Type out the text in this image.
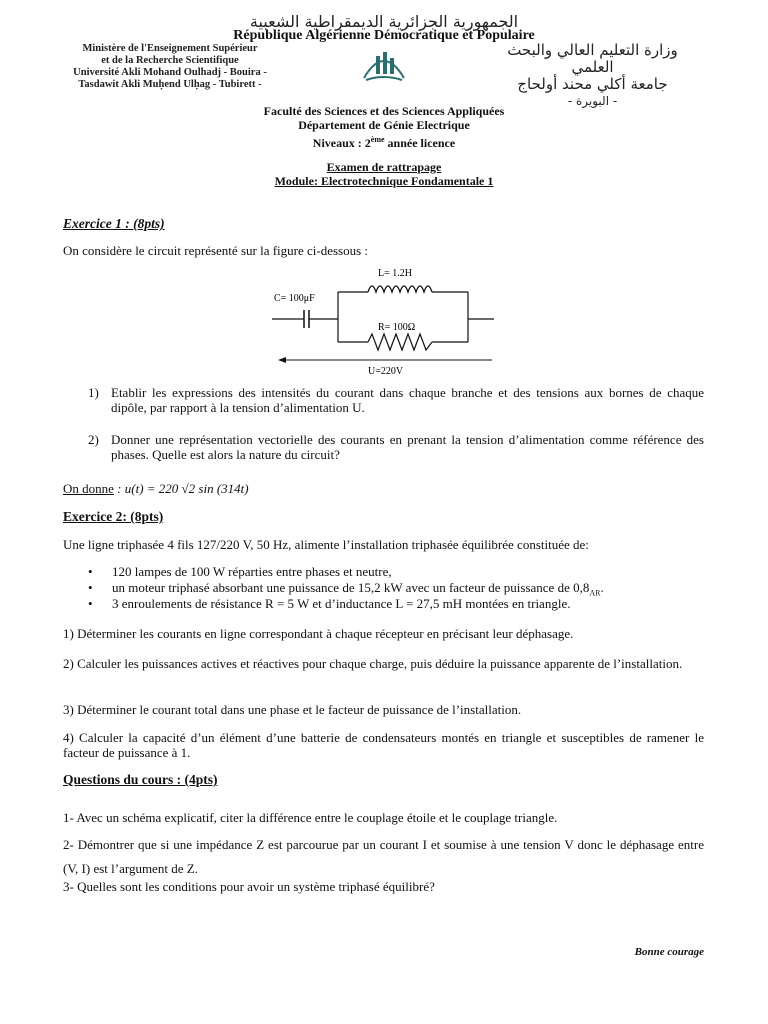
الجمهورية الجزائرية الديمقراطية الشعبية
République Algérienne Démocratique et Populaire
Ministère de l'Enseignement Supérieur
et de la Recherche Scientifique
Université Akli Mohand Oulhadj - Bouira -
Tasdawit Akli Muḥend Ulḥag - Tubirett -
وزارة التعليم العالي والبحث العلمي
جامعة أكلي محند أولحاج
- البويرة -
Faculté des Sciences et des Sciences Appliquées
Département de Génie Electrique
Niveaux : 2ème année licence
Examen de rattrapage
Module: Electrotechnique Fondamentale 1
Exercice 1 : (8pts)
On considère le circuit représenté sur la figure ci-dessous :
L= 1.2H
C= 100μF
R= 100Ω
U=220V
1) Etablir les expressions des intensités du courant dans chaque branche et des tensions aux bornes de chaque dipôle, par rapport à la tension d’alimentation U.
2) Donner une représentation vectorielle des courants en prenant la tension d’alimentation comme référence des phases. Quelle est alors la nature du circuit?
On donne : u(t) = 220 √2 sin (314t)
Exercice 2: (8pts)
Une ligne triphasée 4 fils 127/220 V, 50 Hz, alimente l’installation triphasée équilibrée constituée de:
• 120 lampes de 100 W réparties entre phases et neutre,
• un moteur triphasé absorbant une puissance de 15,2 kW avec un facteur de puissance de $0,8_{AR}$.
• 3 enroulements de résistance R = 5 W et d’inductance L = 27,5 mH montées en triangle.
1) Déterminer les courants en ligne correspondant à chaque récepteur en précisant leur déphasage.
2) Calculer les puissances actives et réactives pour chaque charge, puis déduire la puissance apparente de l’installation.
3) Déterminer le courant total dans une phase et le facteur de puissance de l’installation.
4) Calculer la capacité d’un élément d’une batterie de condensateurs montés en triangle et susceptibles de ramener le facteur de puissance à 1.
Questions du cours : (4pts)
1- Avec un schéma explicatif, citer la différence entre le couplage étoile et le couplage triangle.
2- Démontrer que si une impédance Z est parcourue par un courant I et soumise à une tension V donc le déphasage entre (V, I) est l’argument de Z.
3- Quelles sont les conditions pour avoir un système triphasé équilibré?
Bonne courage
